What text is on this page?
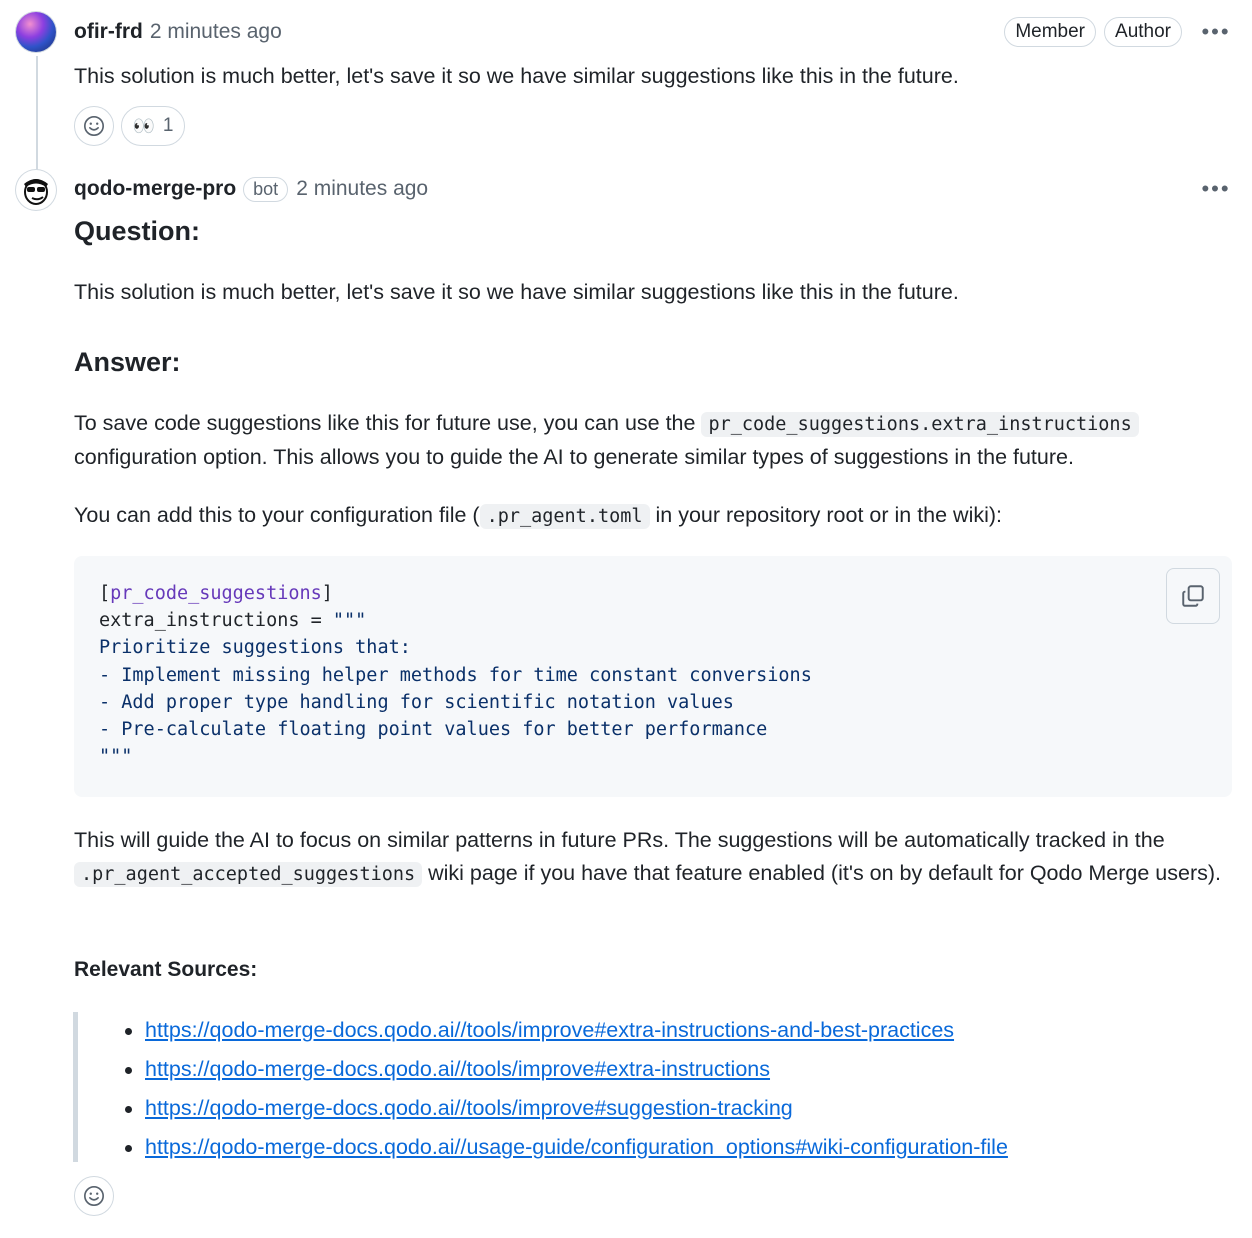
ofir-frd 2 minutes ago	Member	Author	•••
This solution is much better, let's save it so we have similar suggestions like this in the future.
👀 1
qodo-merge-pro bot 2 minutes ago	•••
Question:
This solution is much better, let's save it so we have similar suggestions like this in the future.
Answer:
To save code suggestions like this for future use, you can use the pr_code_suggestions.extra_instructions configuration option. This allows you to guide the AI to generate similar types of suggestions in the future.
You can add this to your configuration file ( .pr_agent.toml in your repository root or in the wiki):
[pr_code_suggestions]
extra_instructions = """
Prioritize suggestions that:
- Implement missing helper methods for time constant conversions
- Add proper type handling for scientific notation values
- Pre-calculate floating point values for better performance
"""
This will guide the AI to focus on similar patterns in future PRs. The suggestions will be automatically tracked in the .pr_agent_accepted_suggestions wiki page if you have that feature enabled (it's on by default for Qodo Merge users).
Relevant Sources:
https://qodo-merge-docs.qodo.ai//tools/improve#extra-instructions-and-best-practices
https://qodo-merge-docs.qodo.ai//tools/improve#extra-instructions
https://qodo-merge-docs.qodo.ai//tools/improve#suggestion-tracking
https://qodo-merge-docs.qodo.ai//usage-guide/configuration_options#wiki-configuration-file
